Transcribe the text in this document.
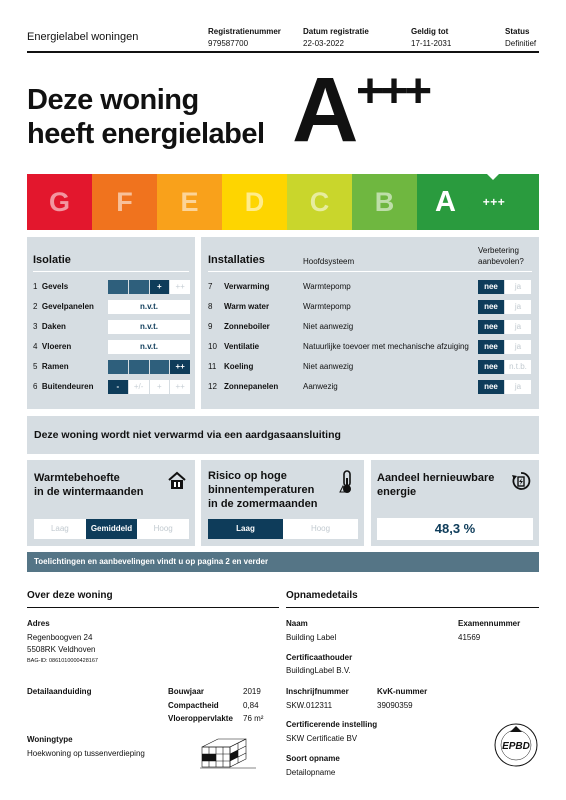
Energielabel woningen	Registratienummer
979587700
Datum registratie
22-03-2022
Geldig tot
17-11-2031
Status
Definitief
Deze woning
heeft energielabel A +++
G	F	E	D	C	B	A	+++
Isolatie
1 Gevels	+	++
2 Gevelpanelen	n.v.t.
3 Daken	n.v.t.
4 Vloeren	n.v.t.
5 Ramen	++
6 Buitendeuren	-	+/-	+	++
Installaties	Hoofdsysteem
Verbetering
aanbevolen?
7 Verwarming	Warmtepomp	nee	ja
8 Warm water	Warmtepomp	nee	ja
9 Zonneboiler	Niet aanwezig	nee	ja
10 Ventilatie	Natuurlijke toevoer met mechanische afzuiging	nee	ja
11 Koeling	Niet aanwezig	nee	n.t.b.
12 Zonnepanelen	Aanwezig	nee	ja
Deze woning wordt niet verwarmd via een aardgasaansluiting
Warmtebehoefte
in de wintermaanden
Laag	Gemiddeld	Hoog
Risico op hoge
binnentemperaturen
in de zomermaanden
Laag	Hoog
Aandeel hernieuwbare
energie
48,3 %
Toelichtingen en aanbevelingen vindt u op pagina 2 en verder
Over deze woning
Adres
Regenboogven 24
5508RK Veldhoven
BAG-ID: 0861010000428167
Detailaanduiding	Bouwjaar	2019
Compactheid	0,84
Vloeroppervlakte 76 m²
Woningtype
Hoekwoning op tussenverdieping
Opnamedetails
Naam
Building Label
Examennummer
41569
Certificaathouder
BuildingLabel B.V.
Inschrijfnummer
SKW.012311
KvK-nummer
39090359
Certificerende instelling
SKW Certificatie BV
Soort opname
Detailopname
EPBD
